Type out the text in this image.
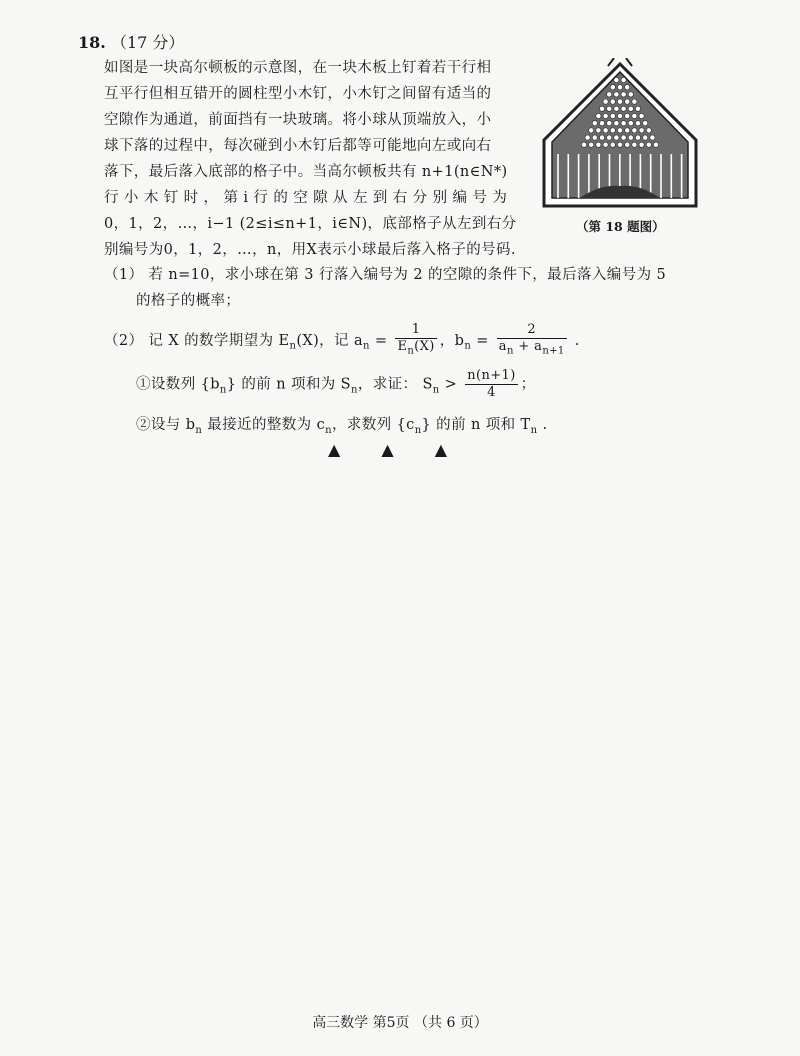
18. （17 分）
如图是一块高尔顿板的示意图，在一块木板上钉着若干行相
互平行但相互错开的圆柱型小木钉，小木钉之间留有适当的
空隙作为通道，前面挡有一块玻璃。将小球从顶端放入，小
球下落的过程中，每次碰到小木钉后都等可能地向左或向右
落下，最后落入底部的格子中。当高尔顿板共有 n+1(n∈N*)
行 小 木 钉 时 ， 第 i 行 的 空 隙 从 左 到 右 分 别 编 号 为
0，1，2，…，i−1 (2≤i≤n+1，i∈N)，底部格子从左到右分
别编号为0，1，2，…，n，用X表示小球最后落入格子的号码.
（第 18 题图）
（1） 若 n=10，求小球在第 3 行落入编号为 2 的空隙的条件下，最后落入编号为 5
的格子的概率；
（2） 记 X 的数学期望为 $E_n(X)$，记 $a_n = \frac{1}{E_n(X)}$ ，$b_n = \frac{2}{a_n + a_{n+1}}$ .
①设数列 $\{b_n\}$ 的前 n 项和为 $S_n$，求证： $S_n > \frac{n(n+1)}{4}$ ；
②设与 $b_n$ 最接近的整数为 $c_n$，求数列 $\{c_n\}$ 的前 n 项和 $T_n$ .
▲ ▲ ▲
高三数学 第5页 （共 6 页）
